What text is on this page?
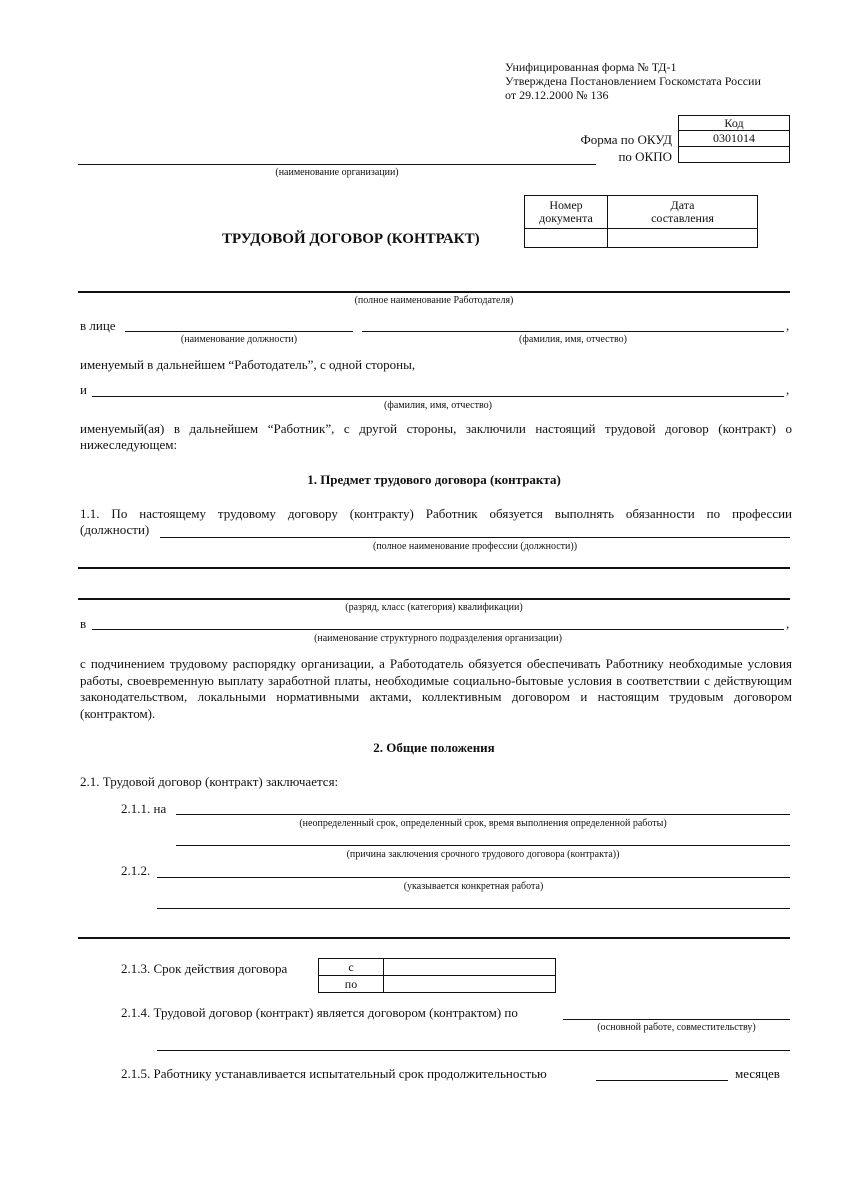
Унифицированная форма № ТД-1
Утверждена Постановлением Госкомстата России
от 29.12.2000 № 136
Код
0301014

Форма по ОКУД
по ОКПО
(наименование организации)
Номер
документа	Дата
составления

ТРУДОВОЙ ДОГОВОР (КОНТРАКТ)
(полное наименование Работодателя)
в лице	,
(наименование должности)	(фамилия, имя, отчество)
именуемый в дальнейшем “Работодатель”, с одной стороны,
и	,
(фамилия, имя, отчество)
именуемый(ая) в дальнейшем “Работник”, с другой стороны, заключили настоящий трудовой договор (контракт) о нижеследующем:
1. Предмет трудового договора (контракта)
1.1. По настоящему трудовому договору (контракту) Работник обязуется выполнять обязанности по профессии
(должности)
(полное наименование профессии (должности))
(разряд, класс (категория) квалификации)
в	,
(наименование структурного подразделения организации)
с подчинением трудовому распорядку организации, а Работодатель обязуется обеспечивать Работнику необходимые условия работы, своевременную выплату заработной платы, необходимые социально-бытовые условия в соответствии с действующим законодательством, локальными нормативными актами, коллективным договором и настоящим трудовым договором (контрактом).
2. Общие положения
2.1. Трудовой договор (контракт) заключается:
2.1.1. на
(неопределенный срок, определенный срок, время выполнения определенной работы)
(причина заключения срочного трудового договора (контракта))
2.1.2.
(указывается конкретная работа)
2.1.3. Срок действия договора	с	
по	
2.1.4. Трудовой договор (контракт) является договором (контрактом) по
(основной работе, совместительству)
2.1.5. Работнику устанавливается испытательный срок продолжительностью	месяцев
